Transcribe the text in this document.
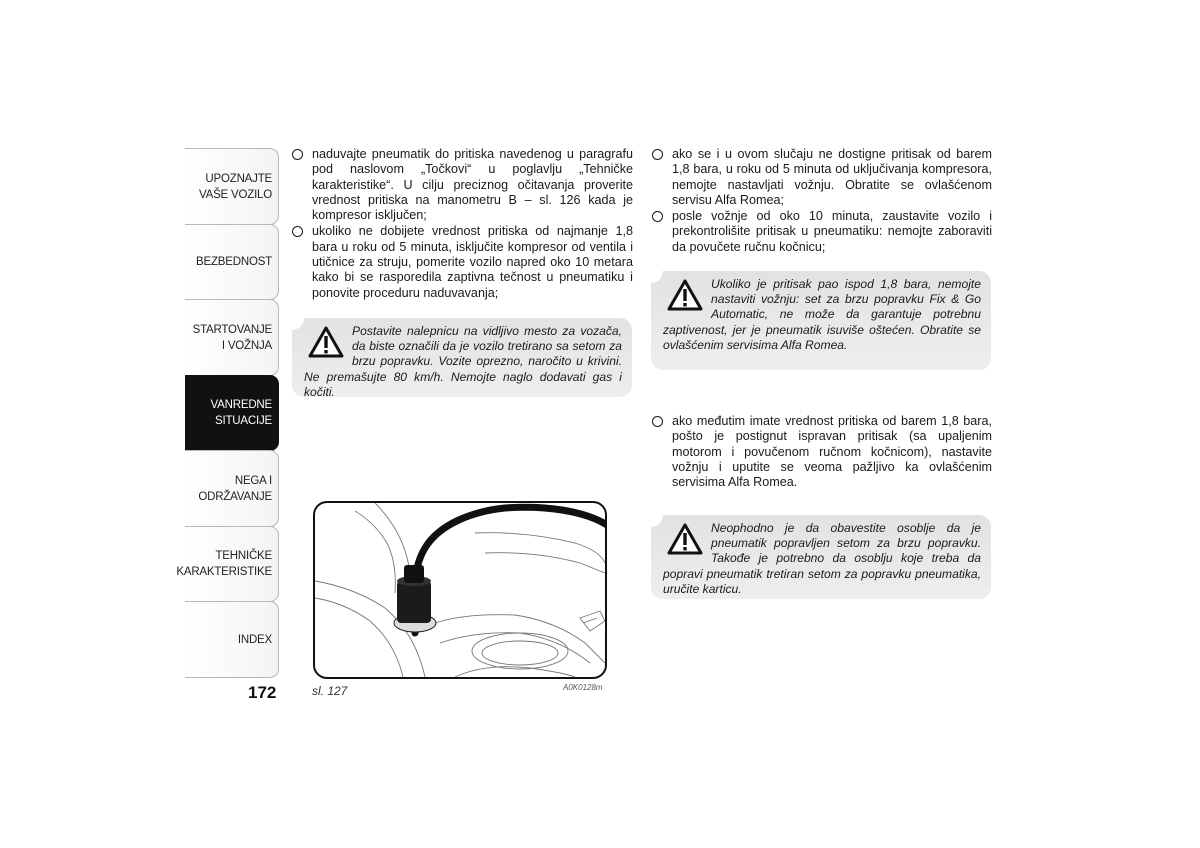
UPOZNAJTE
VAŠE VOZILO
BEZBEDNOST
STARTOVANJE
I VOŽNJA
VANREDNE
SITUACIJE
NEGA I
ODRŽAVANJE
TEHNIČKE
KARAKTERISTIKE
INDEX
172
naduvajte pneumatik do pritiska navedenog u paragrafu pod naslovom „Točkovi“ u poglavlju „Tehničke karakteristike“. U cilju preciznog očitavanja proverite vrednost pritiska na manometru B – sl. 126 kada je kompresor isključen;
ukoliko ne dobijete vrednost pritiska od najmanje 1,8 bara u roku od 5 minuta, isključite kompresor od ventila i utičnice za struju, pomerite vozilo napred oko 10 metara kako bi se rasporedila zaptivna tečnost u pneumatiku i ponovite proceduru naduvavanja;
Postavite nalepnicu na vidljivo mesto za vozača, da biste označili da je vozilo tretirano sa setom za brzu popravku. Vozite oprezno, naročito u krivini. Ne premašujte 80 km/h. Nemojte naglo dodavati gas i kočiti.
sl. 127	A0K0128m
ako se i u ovom slučaju ne dostigne pritisak od barem 1,8 bara, u roku od 5 minuta od uključivanja kompresora, nemojte nastavljati vožnju. Obratite se ovlašćenom servisu Alfa Romea;
posle vožnje od oko 10 minuta, zaustavite vozilo i prekontrolišite pritisak u pneumatiku: nemojte zaboraviti da povučete ručnu kočnicu;
Ukoliko je pritisak pao ispod 1,8 bara, nemojte nastaviti vožnju: set za brzu popravku Fix & Go Automatic, ne može da garantuje potrebnu zaptivenost, jer je pneumatik isuviše oštećen. Obratite se ovlašćenim servisima Alfa Romea.
ako međutim imate vrednost pritiska od barem 1,8 bara, pošto je postignut ispravan pritisak (sa upaljenim motorom i povučenom ručnom kočnicom), nastavite vožnju i uputite se veoma pažljivo ka ovlašćenim servisima Alfa Romea.
Neophodno je da obavestite osoblje da je pneumatik popravljen setom za brzu popravku. Takođe je potrebno da osoblju koje treba da popravi pneumatik tretiran setom za popravku pneumatika, uručite karticu.
